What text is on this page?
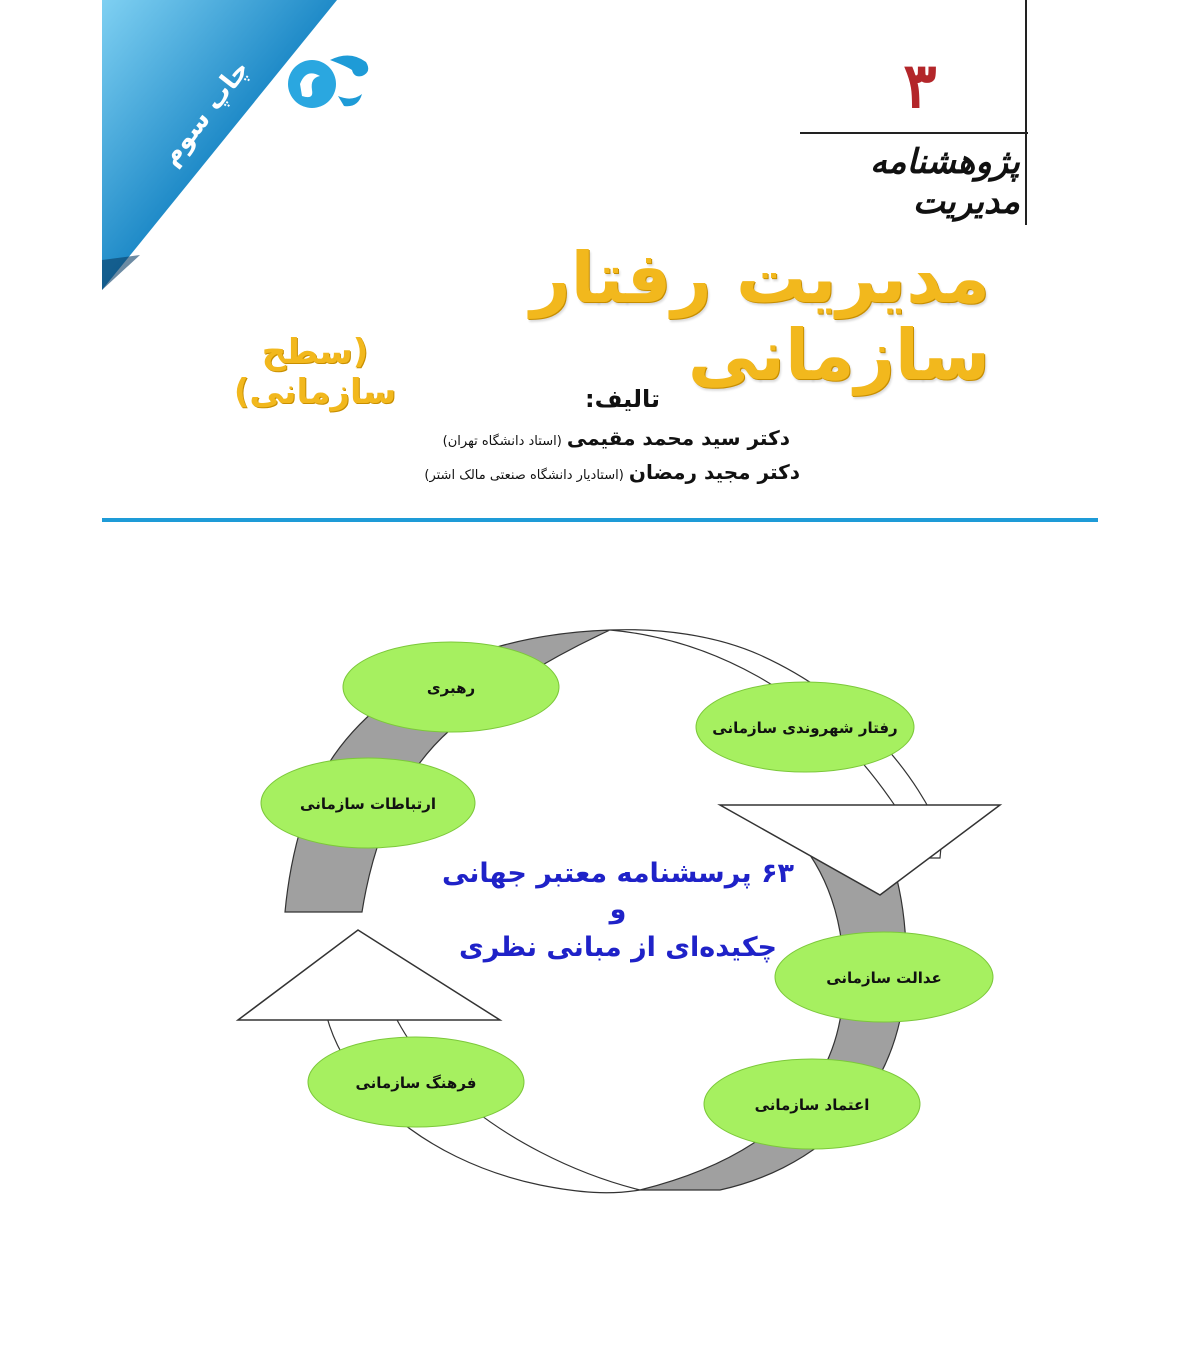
چاپ سوم	۳
پژوهشنامه مدیریت
مدیریت رفتار سازمانی
(سطح سازمانی)	تالیف:
دکتر سید محمد مقیمی (استاد دانشگاه تهران)
دکتر مجید رمضان (استادیار دانشگاه صنعتی مالک اشتر)
رهبری
ارتباطات سازمانی
رفتار شهروندی سازمانی
عدالت سازمانی
فرهنگ سازمانی
اعتماد سازمانی
۶۳ پرسشنامه معتبر جهانی
و
چکیده‌ای از مبانی نظری
